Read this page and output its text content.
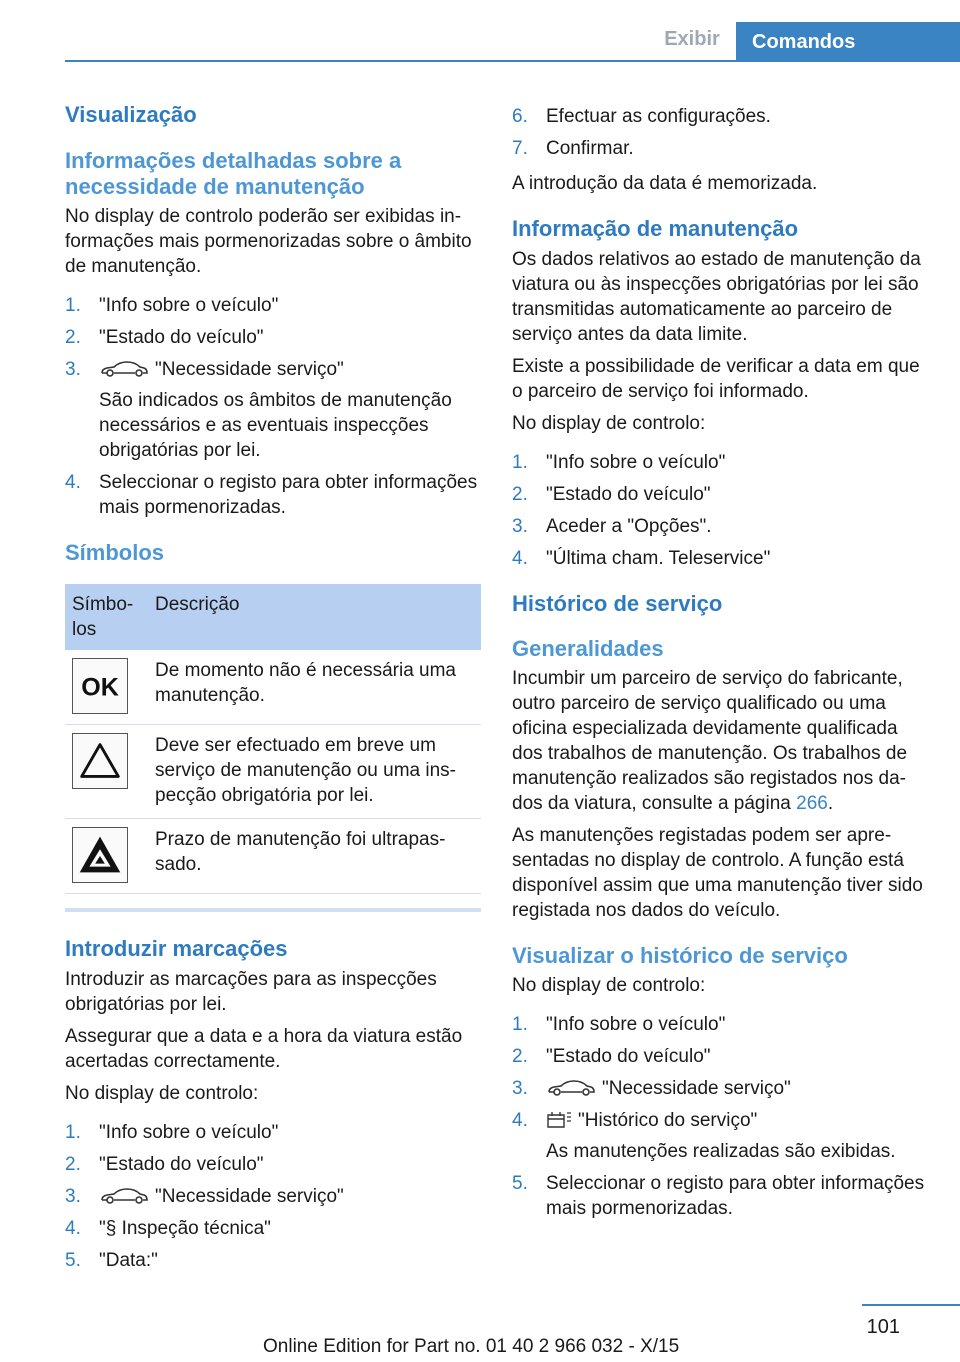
Exibir	Comandos
Visualização
Informações detalhadas sobre a necessidade de manutenção

No display de controlo poderão ser exibidas informações mais pormenorizadas sobre o âmbito de manutenção.

1. "Info sobre o veículo"
2. "Estado do veículo"
3.	"Necessidade serviço"
São indicados os âmbitos de manutenção necessários e as eventuais inspecções obrigatórias por lei.
4. Seleccionar o registo para obter informações mais pormenorizadas.
Símbolos
Símbolos	Descrição

OK	De momento não é necessária uma manutenção.

	Deve ser efectuado em breve um serviço de manutenção ou uma inspecção obrigatória por lei.

	Prazo de manutenção foi ultrapassado.
Introduzir marcações

Introduzir as marcações para as inspecções obrigatórias por lei.

Assegurar que a data e a hora da viatura estão acertadas correctamente.

No display de controlo:

1. "Info sobre o veículo"
2. "Estado do veículo"
3.	"Necessidade serviço"
4. "§ Inspeção técnica"
5. "Data:"
6. Efectuar as configurações.
7. Confirmar.

A introdução da data é memorizada.

Informação de manutenção

Os dados relativos ao estado de manutenção da viatura ou às inspecções obrigatórias por lei são transmitidas automaticamente ao parceiro de serviço antes da data limite.

Existe a possibilidade de verificar a data em que o parceiro de serviço foi informado.

No display de controlo:

1. "Info sobre o veículo"
2. "Estado do veículo"
3. Aceder a "Opções".
4. "Última cham. Teleservice"
Histórico de serviço
Generalidades

Incumbir um parceiro de serviço do fabricante, outro parceiro de serviço qualificado ou uma oficina especializada devidamente qualificada dos trabalhos de manutenção. Os trabalhos de manutenção realizados são registados nos dados da viatura, consulte a página 266.

As manutenções registadas podem ser apresentadas no display de controlo. A função está disponível assim que uma manutenção tiver sido registada nos dados do veículo.

Visualizar o histórico de serviço

No display de controlo:

1. "Info sobre o veículo"
2. "Estado do veículo"
3.	"Necessidade serviço"
4.	"Histórico do serviço"
As manutenções realizadas são exibidas.
5. Seleccionar o registo para obter informações mais pormenorizadas.
101
Online Edition for Part no. 01 40 2 966 032 - X/15
